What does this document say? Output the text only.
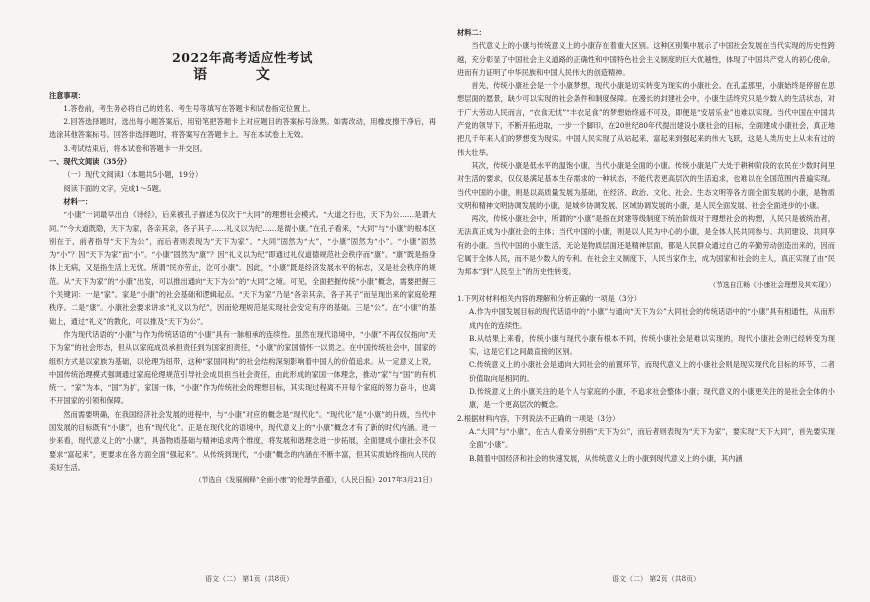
2022年高考适应性考试
语 文
注意事项：

1.答卷前，考生务必将自己的姓名、考生号等填写在答题卡和试卷指定位置上。

2.回答选择题时，选出每小题答案后，用铅笔把答题卡上对应题目的答案标号涂黑。如需改动，用橡皮擦干净后，再选涂其他答案标号。回答非选择题时，将答案写在答题卡上。写在本试卷上无效。

3.考试结束后，将本试卷和答题卡一并交回。

一、现代文阅读（35分）

（一）现代文阅读Ⅰ（本题共5小题，19分）

阅读下面的文字，完成1～5题。

材料一：

“小康”一词最早出自《诗经》，后来被孔子描述为仅次于“大同”的理想社会模式。“大道之行也，天下为公……是谓大同。”“今大道既隐，天下为家，各亲其亲，各子其子……礼义以为纪……是谓小康。”在孔子看来，“大同”与“小康”的根本区别在于，前者指导“天下为公”，而后者则表现为“天下为家”。“大同”固然为“大”，“小康”固然为“小”。“小康”固然为“小”？因“天下为家”而“小”。“小康”固然为“康”？因“礼义以为纪”即通过礼仪道德规范社会秩序而“康”。“康”既是指身体上无病，又是指生活上无忧。所谓“民亦劳止，汔可小康”。因此，“小康”既是经济发展水平的标志，又是社会秩序的规范。从“天下为家”的“小康”出发，可以推出通向“天下为公”的“大同”之境。可见，全面把握传统“小康”概念，需要把握三个关键词：一是“家”。家是“小康”的社会基础和逻辑起点。“天下为家”乃是“各亲其亲，各子其子”而呈现出来的家庭伦理秩序。二是“康”。小康社会要求讲求“礼义以为纪”，因而伦理规范是实现社会安定有序的基础。三是“公”。在“小康”的基础上，通过“礼义”的教化，可以推及“天下为公”。

作为现代话语的“小康”与作为传统话语的“小康”具有一脉相承的连续性。虽然在现代语境中，“小康”不再仅仅指向“天下为家”的社会形态，但从以家庭成员承担责任到为国家担责任，“小康”的家国情怀一以贯之。在中国传统社会中，国家的组织方式是以家族为基础，以伦理为纽带，这种“家国同构”的社会结构深刻影响着中国人的价值追求。从一定意义上说，中国传统治理模式强调通过家庭伦理规范引导社会成员担当社会责任，由此形成的家国一体理念，推动“家”与“国”的有机统一。“家”为本，“国”为扩，家国一体，“小康”作为传统社会的理想目标，其实现过程离不开每个家庭的努力奋斗，也离不开国家的引领和保障。

然而需要明确，在我国经济社会发展的进程中，与“小康”对应的概念是“现代化”。“现代化”是“小康”的升级，当代中国发展的目标既有“小康”，也有“现代化”。正是在现代化的语境中，现代意义上的“小康”概念才有了新的时代内涵。进一步来看，现代意义上的“小康”，具备物质基础与精神追求两个维度，将发展和谐理念进一步拓展，全面建成小康社会不仅要求“富起来”，更要求在各方面全面“强起来”。从传统到现代，“小康”概念的内涵在不断丰富，但其实质始终指向人民的美好生活。

（节选自《发展阐释“全面小康”的伦理学意蕴》，《人民日报》2017年3月21日）
语文（二） 第1页（共8页）
材料二：

当代意义上的小康与传统意义上的小康存在着重大区别。这种区别集中展示了中国社会发展在当代实现的历史性跨越，充分彰显了中国社会主义道路的正确性和中国特色社会主义制度的巨大优越性，体现了中国共产党人的初心使命，进而有力证明了中华民族和中国人民伟大的创造精神。

首先，传统小康社会是一个小康梦想，现代小康是切实转变为现实的小康社会。在孔孟那里，小康始终是停留在思想层面的愿景，缺少可以实现的社会条件和制度保障。在漫长的封建社会中，小康生活终究只是少数人的生活状态，对于广大劳动人民而言，“衣食无忧”“丰衣足食”的梦想始终遥不可及，即便是“安居乐业”也难以实现。当代中国在中国共产党的领导下，不断开拓进取，一步一个脚印，在20世纪80年代提出建设小康社会的目标，全面建成小康社会，真正地把几千年来人们的梦想变为现实。中国人民实现了从站起来、富起来到强起来的伟大飞跃，这是人类历史上从未有过的伟大壮举。

其次，传统小康是低水平的温饱小康，当代小康是全面的小康。传统小康是广大处于耕种阶段的农民在少数时间里对生活的要求，仅仅是满足基本生存需求的一种状态，不能代表更高层次的生活追求，也难以在全国范围内普遍实现。当代中国的小康，则是以高质量发展为基础，在经济、政治、文化、社会、生态文明等各方面全面发展的小康，是物质文明和精神文明协调发展的小康，是城乡协调发展、区域协调发展的小康，是人民全面发展、社会全面进步的小康。

再次，传统小康社会中，所谓的“小康”是指在封建等级制度下统治阶级对于理想社会的构想，人民只是被统治者，无法真正成为小康社会的主体；当代中国的小康，则是以人民为中心的小康，是全体人民共同参与、共同建设、共同享有的小康。当代中国的小康生活，无论是物质层面还是精神层面，都是人民群众通过自己的辛勤劳动创造出来的，因而它属于全体人民，而不是少数人的专利。在社会主义制度下，人民当家作主，成为国家和社会的主人，真正实现了由“民为邦本”到“人民至上”的历史性转变。

（节选自江畅《小康社会理想及其实现》）

1.下列对材料相关内容的理解和分析正确的一项是（3分）

A.作为中国发展目标的现代话语中的“小康”与通向“天下为公”大同社会的传统话语中的“小康”具有相通性，从而形成内在的连续性。

B.从结果上来看，传统小康与现代小康有根本不同，传统小康社会是难以实现的，现代小康社会则已经转变为现实，这是它们之间最直接的区别。

C.传统意义上的小康社会是通向大同社会的前置环节，而现代意义上的小康社会则是现实现代化目标的环节，二者价值取向是相同的。

D.传统意义上的小康关注的是个人与家庭的小康，不追求社会整体小康；现代意义的小康更关注的是社会全体的小康，是一个更高层次的概念。

2.根据材料内容，下列说法不正确的一项是（3分）

A.“大同”与“小康”，在古人看来分别指“天下为公”，而后者则表现为“天下为家”，要实现“天下大同”，首先要实现全面“小康”。

B.随着中国经济和社会的快速发展，从传统意义上的小康到现代意义上的小康，其内涵

语文（二） 第2页（共8页）
